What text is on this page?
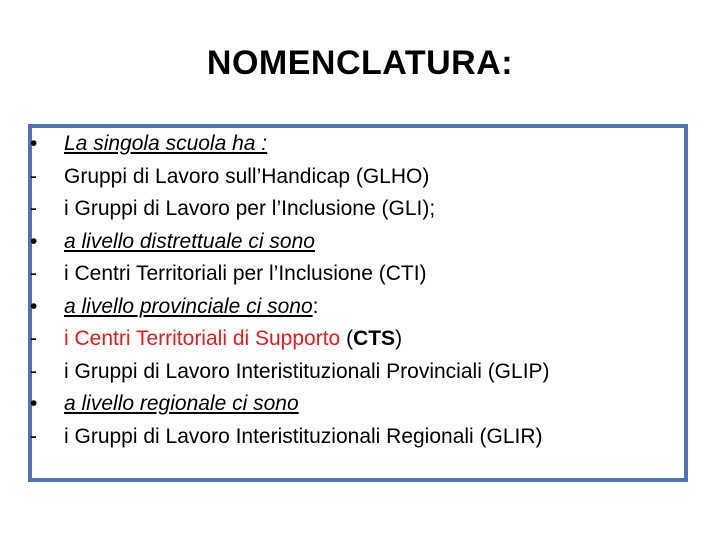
NOMENCLATURA:
•	La singola scuola ha :
-	Gruppi di Lavoro sull’Handicap (GLHO)
-	i Gruppi di Lavoro per l’Inclusione (GLI);
•	a livello distrettuale ci sono
-	i Centri Territoriali per l’Inclusione (CTI)
•	a livello provinciale ci sono:
-	i Centri Territoriali di Supporto (CTS)
-	i Gruppi di Lavoro Interistituzionali Provinciali (GLIP)
•	a livello regionale ci sono
-	i Gruppi di Lavoro Interistituzionali Regionali (GLIR)
